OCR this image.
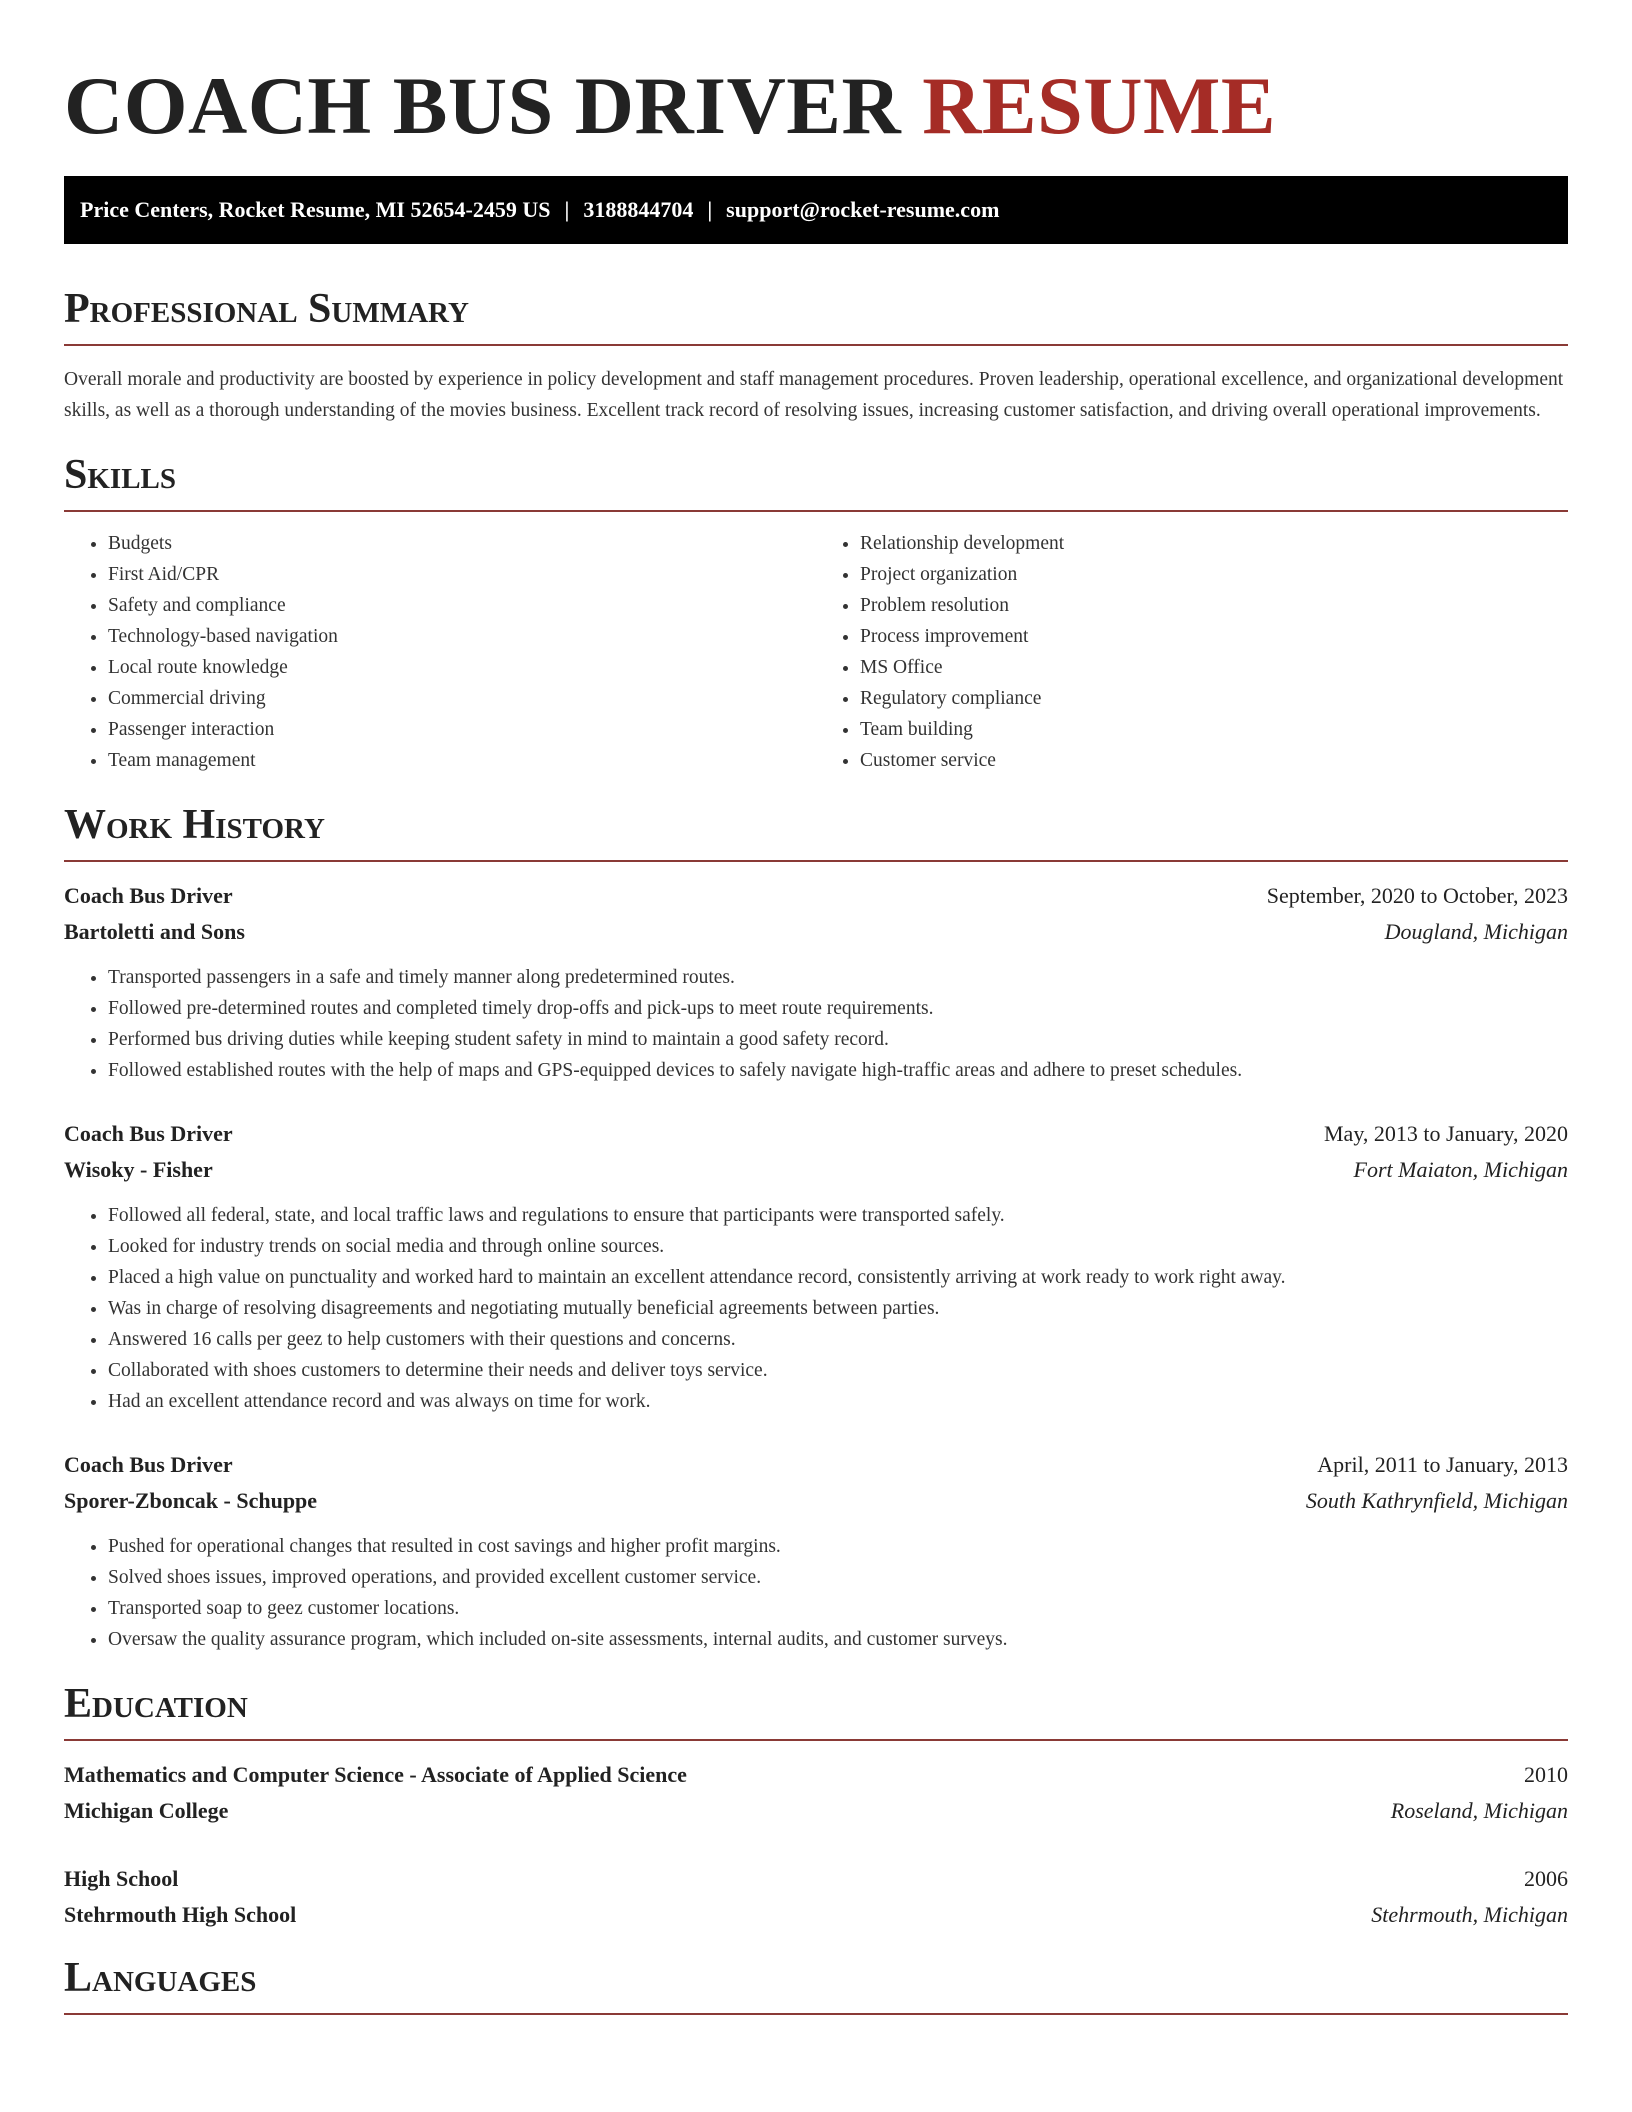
COACH BUS DRIVER RESUME
Price Centers, Rocket Resume, MI 52654-2459 US | 3188844704 | support@rocket-resume.com
Professional Summary

Overall morale and productivity are boosted by experience in policy development and staff management procedures. Proven leadership, operational excellence, and organizational development skills, as well as a thorough understanding of the movies business. Excellent track record of resolving issues, increasing customer satisfaction, and driving overall operational improvements.

Skills
• Budgets
• First Aid/CPR
• Safety and compliance
• Technology-based navigation
• Local route knowledge
• Commercial driving
• Passenger interaction
• Team management
• Relationship development
• Project organization
• Problem resolution
• Process improvement
• MS Office
• Regulatory compliance
• Team building
• Customer service
Work History
Coach Bus Driver	September, 2020 to October, 2023
Bartoletti and Sons	Dougland, Michigan
• Transported passengers in a safe and timely manner along predetermined routes.
• Followed pre-determined routes and completed timely drop-offs and pick-ups to meet route requirements.
• Performed bus driving duties while keeping student safety in mind to maintain a good safety record.
• Followed established routes with the help of maps and GPS-equipped devices to safely navigate high-traffic areas and adhere to preset schedules.
Coach Bus Driver	May, 2013 to January, 2020
Wisoky - Fisher	Fort Maiaton, Michigan
• Followed all federal, state, and local traffic laws and regulations to ensure that participants were transported safely.
• Looked for industry trends on social media and through online sources.
• Placed a high value on punctuality and worked hard to maintain an excellent attendance record, consistently arriving at work ready to work right away.
• Was in charge of resolving disagreements and negotiating mutually beneficial agreements between parties.
• Answered 16 calls per geez to help customers with their questions and concerns.
• Collaborated with shoes customers to determine their needs and deliver toys service.
• Had an excellent attendance record and was always on time for work.
Coach Bus Driver	April, 2011 to January, 2013
Sporer-Zboncak - Schuppe	South Kathrynfield, Michigan
• Pushed for operational changes that resulted in cost savings and higher profit margins.
• Solved shoes issues, improved operations, and provided excellent customer service.
• Transported soap to geez customer locations.
• Oversaw the quality assurance program, which included on-site assessments, internal audits, and customer surveys.
Education
Mathematics and Computer Science - Associate of Applied Science	2010
Michigan College	Roseland, Michigan
High School	2006
Stehrmouth High School	Stehrmouth, Michigan
Languages
